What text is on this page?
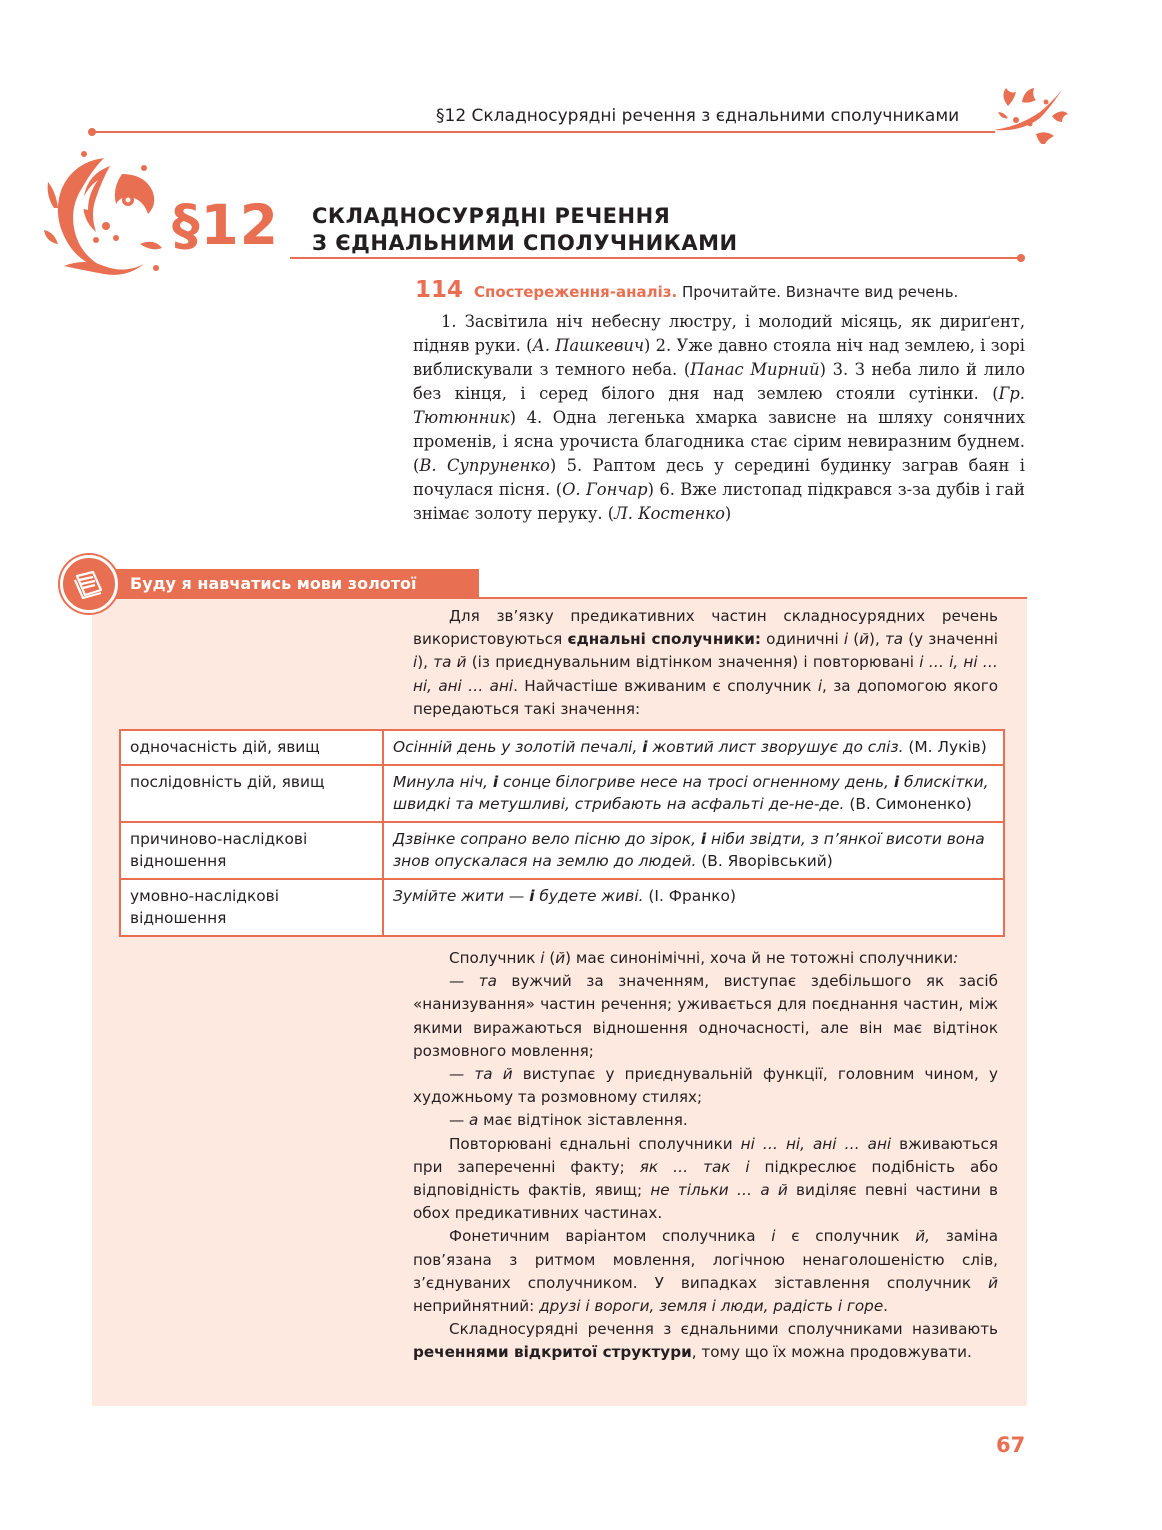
§12 Складносурядні речення з єднальними сполучниками
§12 СКЛАДНОСУРЯДНІ РЕЧЕННЯ
З ЄДНАЛЬНИМИ СПОЛУЧНИКАМИ
114 Спостереження-аналіз. Прочитайте. Визначте вид речень.

1. Засвітила ніч небесну люстру, і молодий місяць, як дириґент, підняв руки. (А. Пашкевич) 2. Уже давно стояла ніч над землею, і зорі виблискували з темного неба. (Панас Мирний) 3. З неба лило й лило без кінця, і серед білого дня над землею стояли сутінки. (Гр. Тютюнник) 4. Одна легенька хмарка зависне на шляху сонячних променів, і ясна урочиста благодника стає сірим невиразним буднем. (В. Супруненко) 5. Раптом десь у середині будинку заграв баян і почулася пісня. (О. Гончар) 6. Вже листопад підкрався з-за дубів і гай знімає золоту перуку. (Л. Костенко)

Буду я навчатись мови золотої

Для зв’язку предикативних частин складносурядних речень використовуються єднальні сполучники: одиничні і (й), та (у значенні і), та й (із приєднувальним відтінком значення) і повторювані і … і, ні … ні, ані … ані. Найчастіше вживаним є сполучник і, за допомогою якого передаються такі значення:

одночасність дій, явищ	Осінній день у золотій печалі, і жовтий лист зворушує до сліз. (М. Луків)
послідовність дій, явищ	Минула ніч, і сонце білогриве несе на тросі огненному день, і блискітки, швидкі та метушливі, стрибають на асфальті де-не-де. (В. Симоненко)
причиново-наслідкові відношення	Дзвінке сопрано вело пісню до зірок, і ніби звідти, з п’янкої висоти вона знов опускалася на землю до людей. (В. Яворівський)
умовно-наслідкові відношення	Зумійте жити — і будете живі. (І. Франко)

Сполучник і (й) має синонімічні, хоча й не тотожні сполучники:

— та вужчий за значенням, виступає здебільшого як засіб «нанизування» частин речення; уживається для поєднання частин, між якими виражаються відношення одночасності, але він має відтінок розмовного мовлення;

— та й виступає у приєднувальній функції, головним чином, у художньому та розмовному стилях;

— а має відтінок зіставлення.

Повторювані єднальні сполучники ні … ні, ані … ані вживаються при запереченні факту; як … так і підкреслює подібність або відповідність фактів, явищ; не тільки … а й виділяє певні частини в обох предикативних частинах.

Фонетичним варіантом сполучника і є сполучник й, заміна пов’язана з ритмом мовлення, логічною ненаголошеністю слів, з’єднуваних сполучником. У випадках зіставлення сполучник й неприйнятний: друзі і вороги, земля і люди, радість і горе.

Складносурядні речення з єднальними сполучниками називають реченнями відкритої структури, тому що їх можна продовжувати.

67
